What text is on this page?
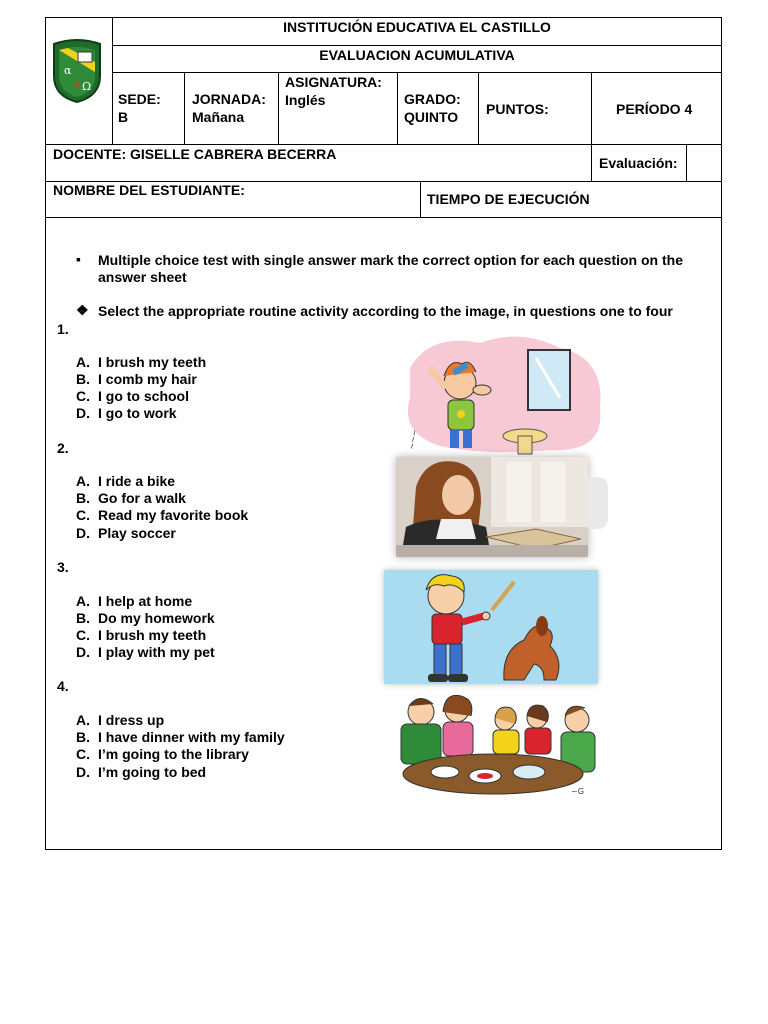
α
Ω
INSTITUCIÓN EDUCATIVA EL CASTILLO
EVALUACION ACUMULATIVA
SEDE:
B
JORNADA:
Mañana
ASIGNATURA:
Inglés	GRADO:
QUINTO PUNTOS:	PERÍODO 4
DOCENTE: GISELLE CABRERA BECERRA
Evaluación:
NOMBRE DEL ESTUDIANTE:
TIEMPO DE EJECUCIÓN
▪ Multiple choice test with single answer mark the correct option for each question on the answer sheet
❖ Select the appropriate routine activity according to the image, in questions one to four
1.
A. I brush my teeth
B. I comb my hair
C. I go to school
D. I go to work
2.
A. I ride a bike
B. Go for a walk
C. Read my favorite book
D. Play soccer
3.
A. I help at home
B. Do my homework
C. I brush my teeth
D. I play with my pet
4.
A. I dress up
B. I have dinner with my family
C. I’m going to the library
D. I’m going to bed
~~~
~G
